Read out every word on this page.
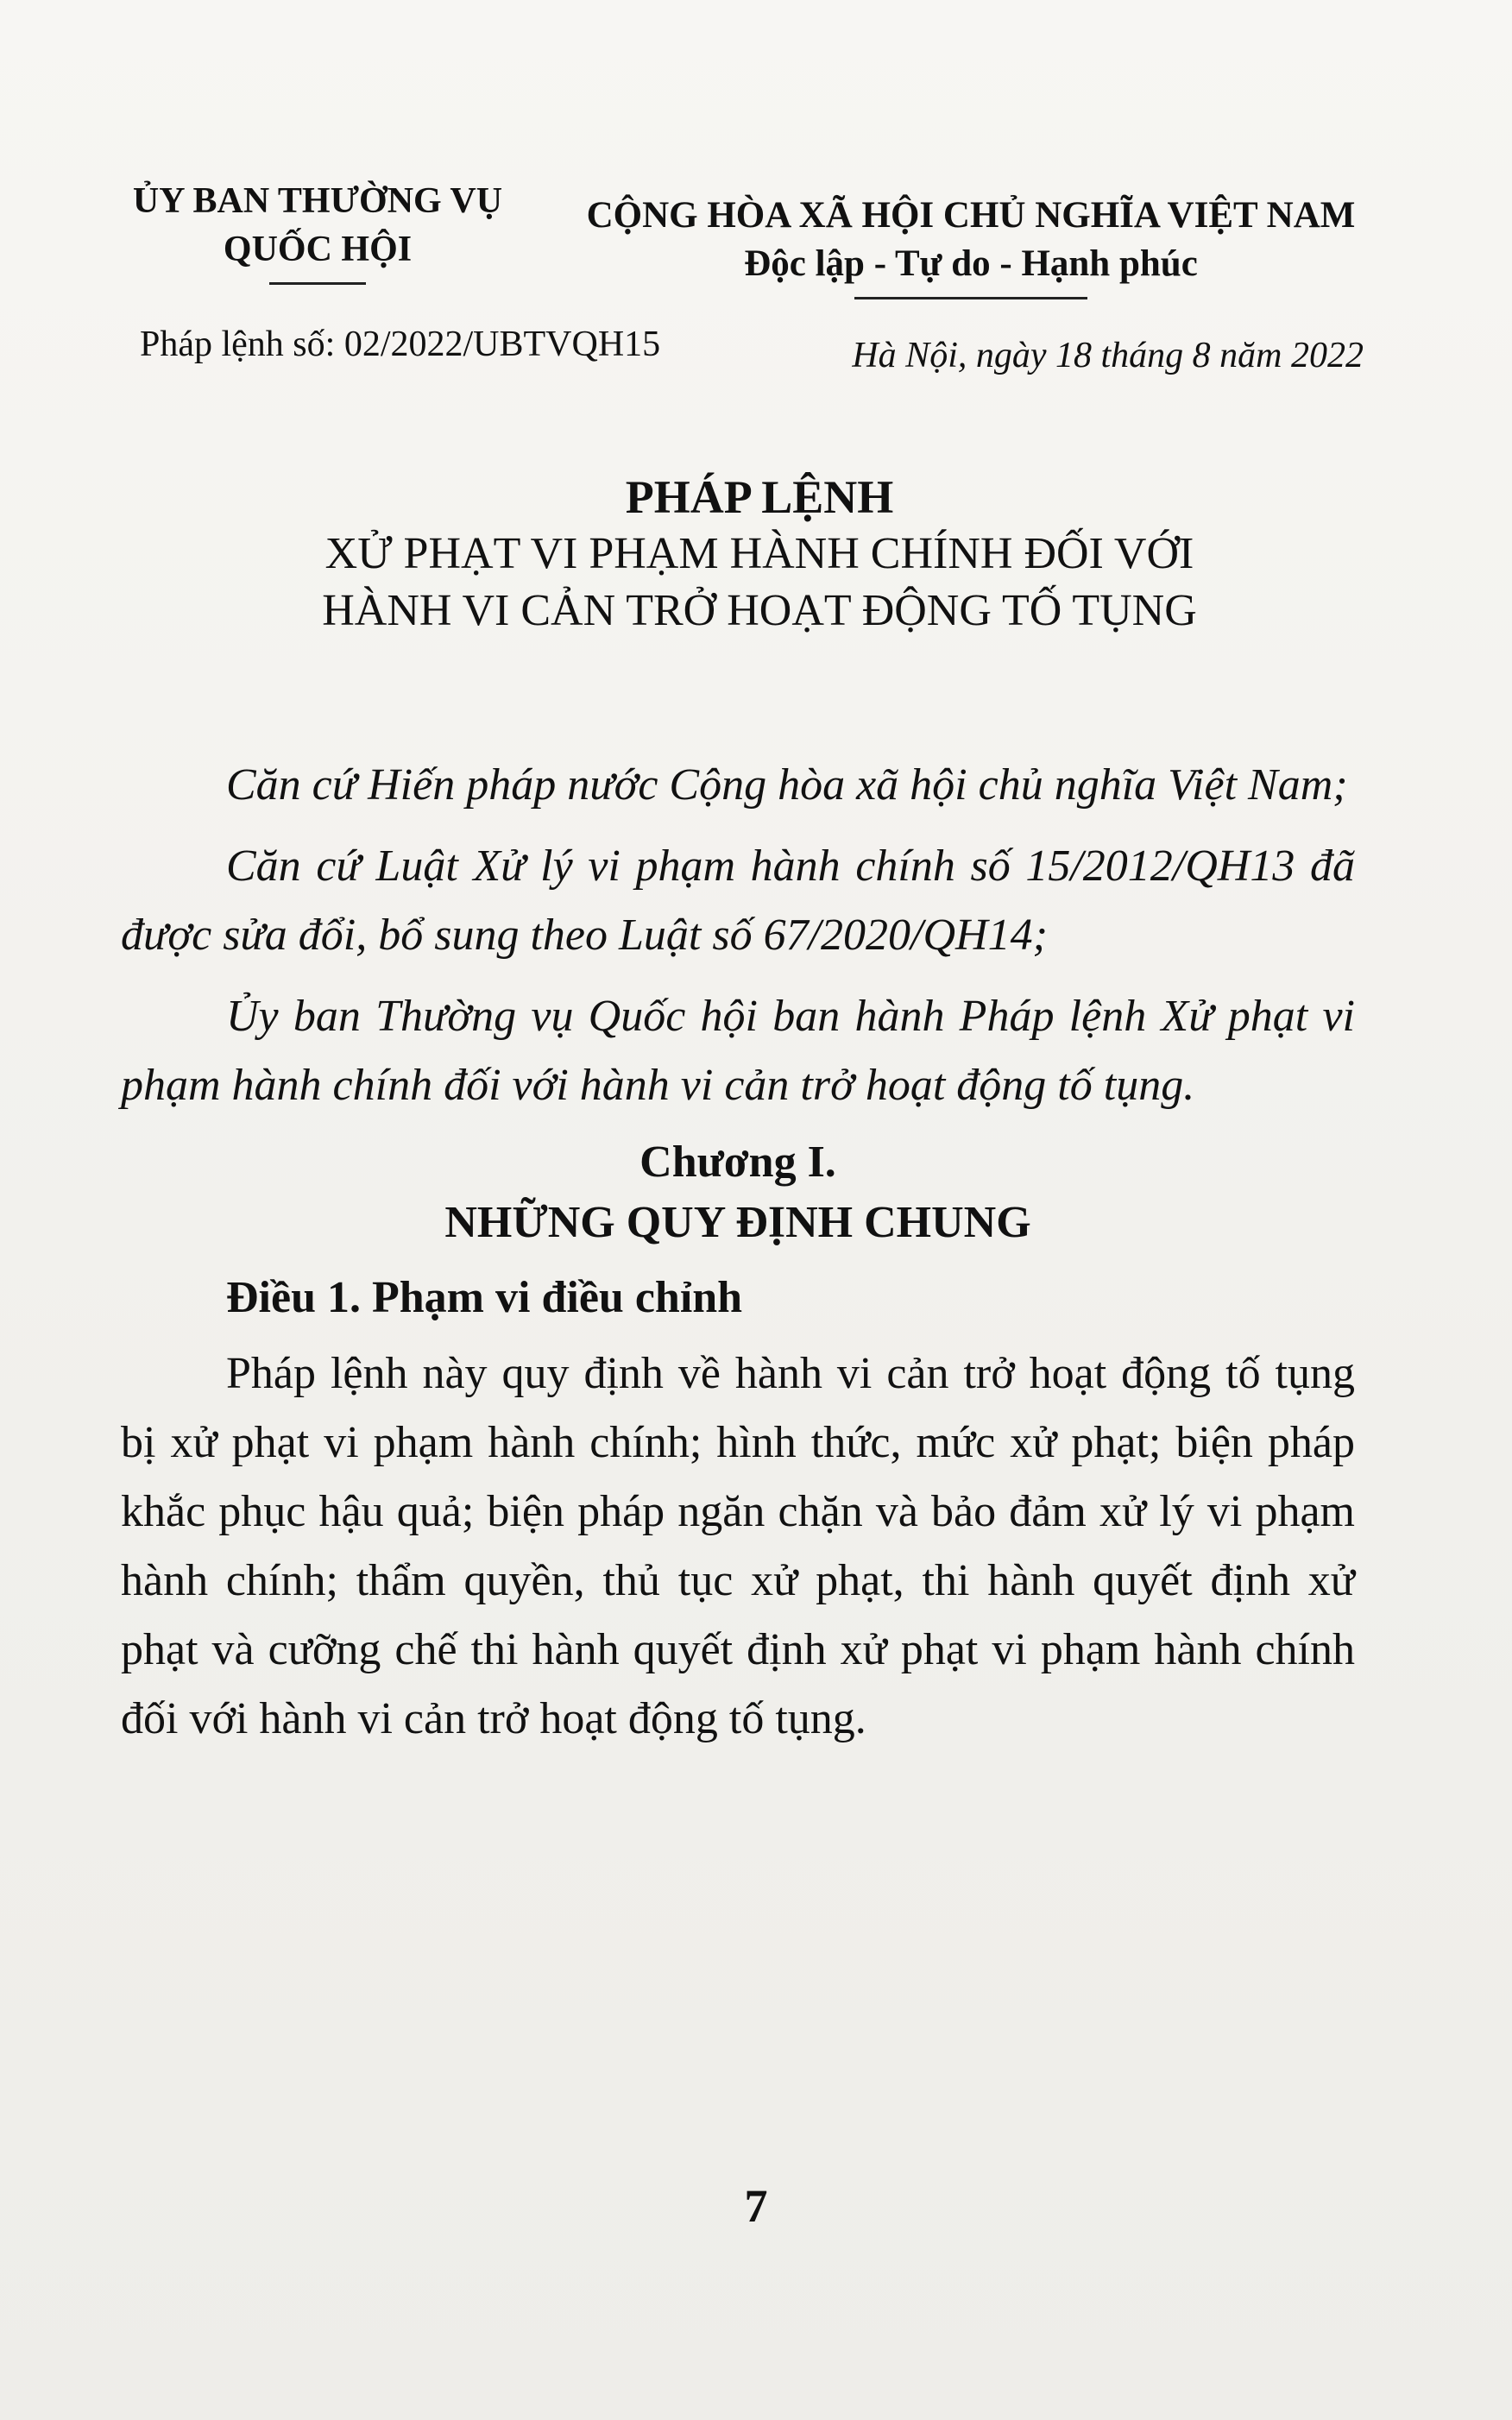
ỦY BAN THƯỜNG VỤ
QUỐC HỘI
CỘNG HÒA XÃ HỘI CHỦ NGHĨA VIỆT NAM
Độc lập - Tự do - Hạnh phúc
Pháp lệnh số: 02/2022/UBTVQH15	Hà Nội, ngày 18 tháng 8 năm 2022
PHÁP LỆNH
XỬ PHẠT VI PHẠM HÀNH CHÍNH ĐỐI VỚI
HÀNH VI CẢN TRỞ HOẠT ĐỘNG TỐ TỤNG

Căn cứ Hiến pháp nước Cộng hòa xã hội chủ nghĩa Việt Nam;

Căn cứ Luật Xử lý vi phạm hành chính số 15/2012/QH13 đã được sửa đổi, bổ sung theo Luật số 67/2020/QH14;

Ủy ban Thường vụ Quốc hội ban hành Pháp lệnh Xử phạt vi phạm hành chính đối với hành vi cản trở hoạt động tố tụng.

Chương I.
NHỮNG QUY ĐỊNH CHUNG
Điều 1. Phạm vi điều chỉnh

Pháp lệnh này quy định về hành vi cản trở hoạt động tố tụng bị xử phạt vi phạm hành chính; hình thức, mức xử phạt; biện pháp khắc phục hậu quả; biện pháp ngăn chặn và bảo đảm xử lý vi phạm hành chính; thẩm quyền, thủ tục xử phạt, thi hành quyết định xử phạt và cưỡng chế thi hành quyết định xử phạt vi phạm hành chính đối với hành vi cản trở hoạt động tố tụng.

7
